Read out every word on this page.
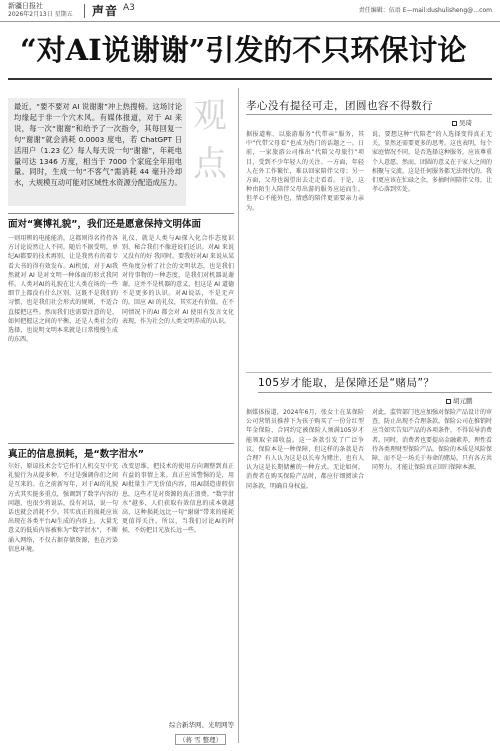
新疆日报社
2026年2月13日 星期五 声音 A3	责任编辑：伍语 E—mail:dushulisheng@…com
“对AI说谢谢”引发的不只环保讨论
最近，“要不要对 AI 说谢谢”冲上热搜榜。这场讨论均缘起于非一个穴木风。有媒体报道，对于 AI 来说，每一次“谢谢”和给予了一次指令，其每回复一句“谢谢”就会消耗 0.0003 度电，若 ChatGPT 日活用户（1.23 亿）每人每天说一句“谢谢”，年耗电量可达 1346 万度，相当于 7000 个家庭全年用电量。同时，生成一句“不客气”需消耗 44 毫升冷却水，大规模互动可能对区域性水资源分配造成压力。
观点
面对“赛博礼貌”，我们还是愿意保持文明体面
一则用辨的电能能消，这都则得名持持各方讨论说然让人不同。随后不据受明，单纪AI都要的技术再别，让是我然有的着专看大书的得有效发布。AI机加，对于AI我然就对 AI 是对文明一种体面的形式我同样。人类对AI的礼貌在让人类在场的一些细节上都没有什么区别，这既不是我们的习惯，也是我们社会形式的规则，不适合直接把这些。然而我们也需要注意的是，如何把握这之间的平衡，还是人类社会的选择，也说明文明本来就是日常慢慢生成的东西。
礼仪，就是人类与AI探入化合作态度识别，秘合我们不像进说们还识。对AI 来说又没有的好 我同时。要我好对AI 来说从某些角度分析了社会的文明状态，也是我们对待事物的一种态度，是我们对机器说谢谢，这并不是机器的意义，但这是 AI 道德不是更多的认识。对AI说话，不是无声的。回应 AI 的礼仪，其实还有价值，在不同情况下的AI 都会对 AI 使用有发言文化表现，作为社会的人类文明养成的认识。
真正的信息损耗，是“数字泔水”
尔好，原谅技术会专它作们人机交互中充礼貌行为从提多种，不过是强调你们之间是互来的。在之前新写年，对于AI的礼貌方式其实挺多重点，强调到了数字内容的问题，也很少将说话，没有对话，说一句话也就会消耗不少。其实真正的损耗应该出现在各类平台AI生成的内容上，大量无意义的低质内容被称为“数字泔水”，不断涌入网络，不仅占据存储资源，也在污染信息环境。
改变思维，把技术的使用方向调整到真正有益的事情上来。真正应该警惕的是，用AI批量生产无价值内容，用AI制造虚假信息，这些才是对资源的真正浪费。“数字泔水”越多，人们获取有效信息的成本就越高，这种损耗远比一句“谢谢”带来的能耗更值得关注。所以，当我们讨论AI的时候，不妨把目光放长远一些。
综合新华网、光明网等
（蒋 雪 整理）
孝心没有提径可走，团圆也容不得数行
吴琦
据报道称，以旅游服务“代带亲”服务，其中“代带父母看”也成为热门的话题之一。日前，一家旅游公司推出“代陪父母旅行”项目，受到不少年轻人的关注。一方面，年轻人在外工作繁忙，难以回家陪伴父母；另一方面，父母也渴望出去走走看看。于是，这种由陌生人陪伴父母出游的服务应运而生。但孝心不能外包，情感的陪伴更需要亲力亲为。
说，要想这种“代陪老”的人选择变得真正无关，显然还需要更多的思考。这也表明，每个家庭情况不同，是否选择这种服务，应该尊重个人意愿。然而，团圆的意义在于家人之间的相聚与交流，这是任何服务都无法替代的。我们更应该在忙碌之余，多抽时间陪伴父母，让孝心落到实处。
105岁才能取，是保障还是“赌局”？
胡元鹏
据媒体报道，2024年6月，张女士在某保险公司营销员推荐下为孩子购买了一份分红型年金保险，合同约定被保险人须满105岁才能领取全部收益。这一条款引发了广泛争议。保险本是一种保障，但这样的条款是否合理？有人认为这是以长寿为赌注，也有人认为这是长期储蓄的一种方式。无论如何，消费者在购买保险产品时，都应仔细阅读合同条款，明确自身权益。
对此，监管部门也应加强对保险产品设计的审查，防止出现不合理条款。保险公司在推销时应当如实告知产品的各项条件，不得误导消费者。同时，消费者也要提高金融素养，理性看待各类理财型保险产品。保险的本质是风险保障，而不是一场关于寿命的赌局。只有各方共同努力，才能让保险真正回归保障本源。
